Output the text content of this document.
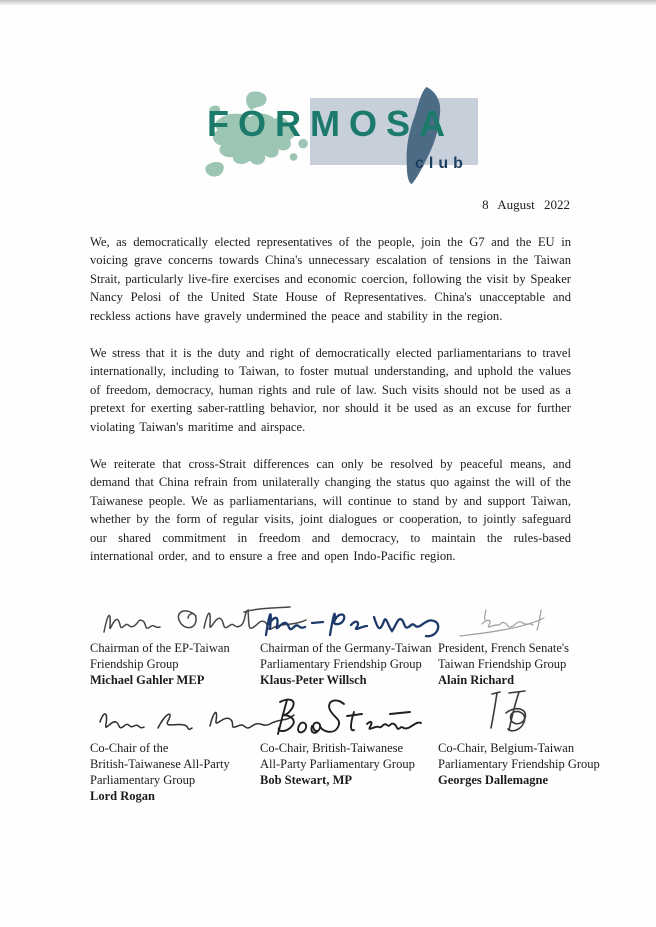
FORMOSA
club
8 August 2022

We, as democratically elected representatives of the people, join the G7 and the EU in voicing grave concerns towards China's unnecessary escalation of tensions in the Taiwan Strait, particularly live-fire exercises and economic coercion, following the visit by Speaker Nancy Pelosi of the United State House of Representatives. China's unacceptable and reckless actions have gravely undermined the peace and stability in the region.

We stress that it is the duty and right of democratically elected parliamentarians to travel internationally, including to Taiwan, to foster mutual understanding, and uphold the values of freedom, democracy, human rights and rule of law. Such visits should not be used as a pretext for exerting saber-rattling behavior, nor should it be used as an excuse for further violating Taiwan's maritime and airspace.

We reiterate that cross-Strait differences can only be resolved by peaceful means, and demand that China refrain from unilaterally changing the status quo against the will of the Taiwanese people. We as parliamentarians, will continue to stand by and support Taiwan, whether by the form of regular visits, joint dialogues or cooperation, to jointly safeguard our shared commitment in freedom and democracy, to maintain the rules-based international order, and to ensure a free and open Indo-Pacific region.

Chairman of the EP-Taiwan
Friendship Group
Michael Gahler MEP
Chairman of the Germany-Taiwan
Parliamentary Friendship Group
Klaus-Peter Willsch
President, French Senate's
Taiwan Friendship Group
Alain Richard
Co-Chair of the
British-Taiwanese All-Party
Parliamentary Group
Lord Rogan
Co-Chair, British-Taiwanese
All-Party Parliamentary Group
Bob Stewart, MP
Co-Chair, Belgium-Taiwan
Parliamentary Friendship Group
Georges Dallemagne
